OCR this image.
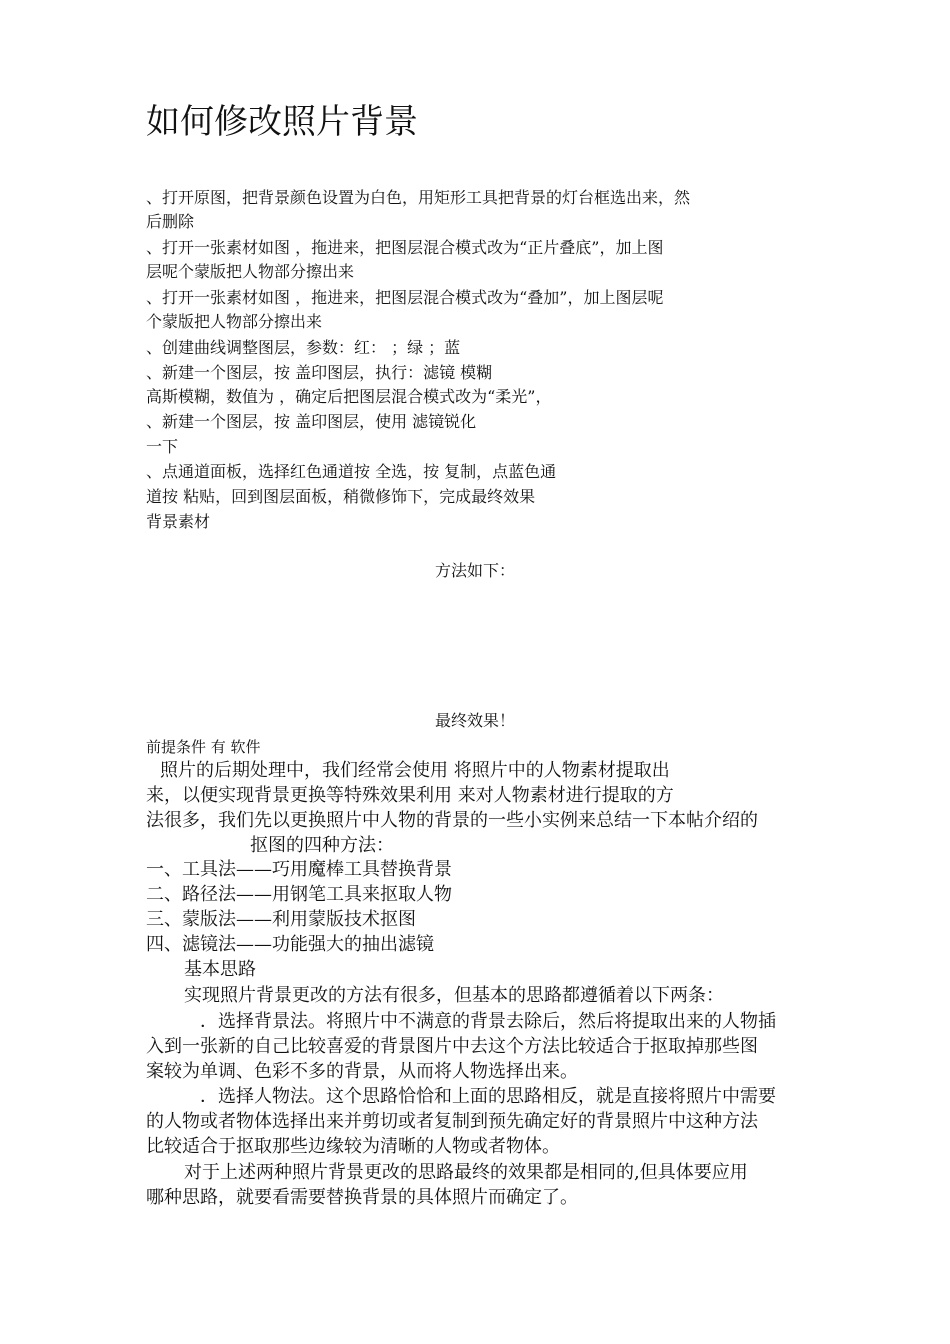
如何修改照片背景

、打开原图，把背景颜色设置为白色，用矩形工具把背景的灯台框选出来，然

后删除

、打开一张素材如图 ，拖进来，把图层混合模式改为“正片叠底”，加上图

层呢个蒙版把人物部分擦出来

、打开一张素材如图 ，拖进来，把图层混合模式改为“叠加”，加上图层呢

个蒙版把人物部分擦出来

、创建曲线调整图层，参数：红： ；绿 ；蓝

、新建一个图层，按 盖印图层，执行：滤镜 模糊

高斯模糊，数值为 ，确定后把图层混合模式改为“柔光”，

、新建一个图层，按 盖印图层，使用 滤镜锐化

一下

、点通道面板，选择红色通道按 全选，按 复制，点蓝色通

道按 粘贴，回到图层面板，稍微修饰下，完成最终效果

背景素材

方法如下：

最终效果！

前提条件 有 软件

照片的后期处理中，我们经常会使用 将照片中的人物素材提取出

来，以便实现背景更换等特殊效果利用 来对人物素材进行提取的方

法很多，我们先以更换照片中人物的背景的一些小实例来总结一下本帖介绍的

抠图的四种方法：

一、工具法——巧用魔棒工具替换背景

二、路径法——用钢笔工具来抠取人物

三、蒙版法——利用蒙版技术抠图

四、滤镜法——功能强大的抽出滤镜

基本思路

实现照片背景更改的方法有很多，但基本的思路都遵循着以下两条：

．选择背景法。将照片中不满意的背景去除后，然后将提取出来的人物插

入到一张新的自己比较喜爱的背景图片中去这个方法比较适合于抠取掉那些图

案较为单调、色彩不多的背景，从而将人物选择出来。

．选择人物法。这个思路恰恰和上面的思路相反，就是直接将照片中需要

的人物或者物体选择出来并剪切或者复制到预先确定好的背景照片中这种方法

比较适合于抠取那些边缘较为清晰的人物或者物体。

对于上述两种照片背景更改的思路最终的效果都是相同的,但具体要应用

哪种思路，就要看需要替换背景的具体照片而确定了。
